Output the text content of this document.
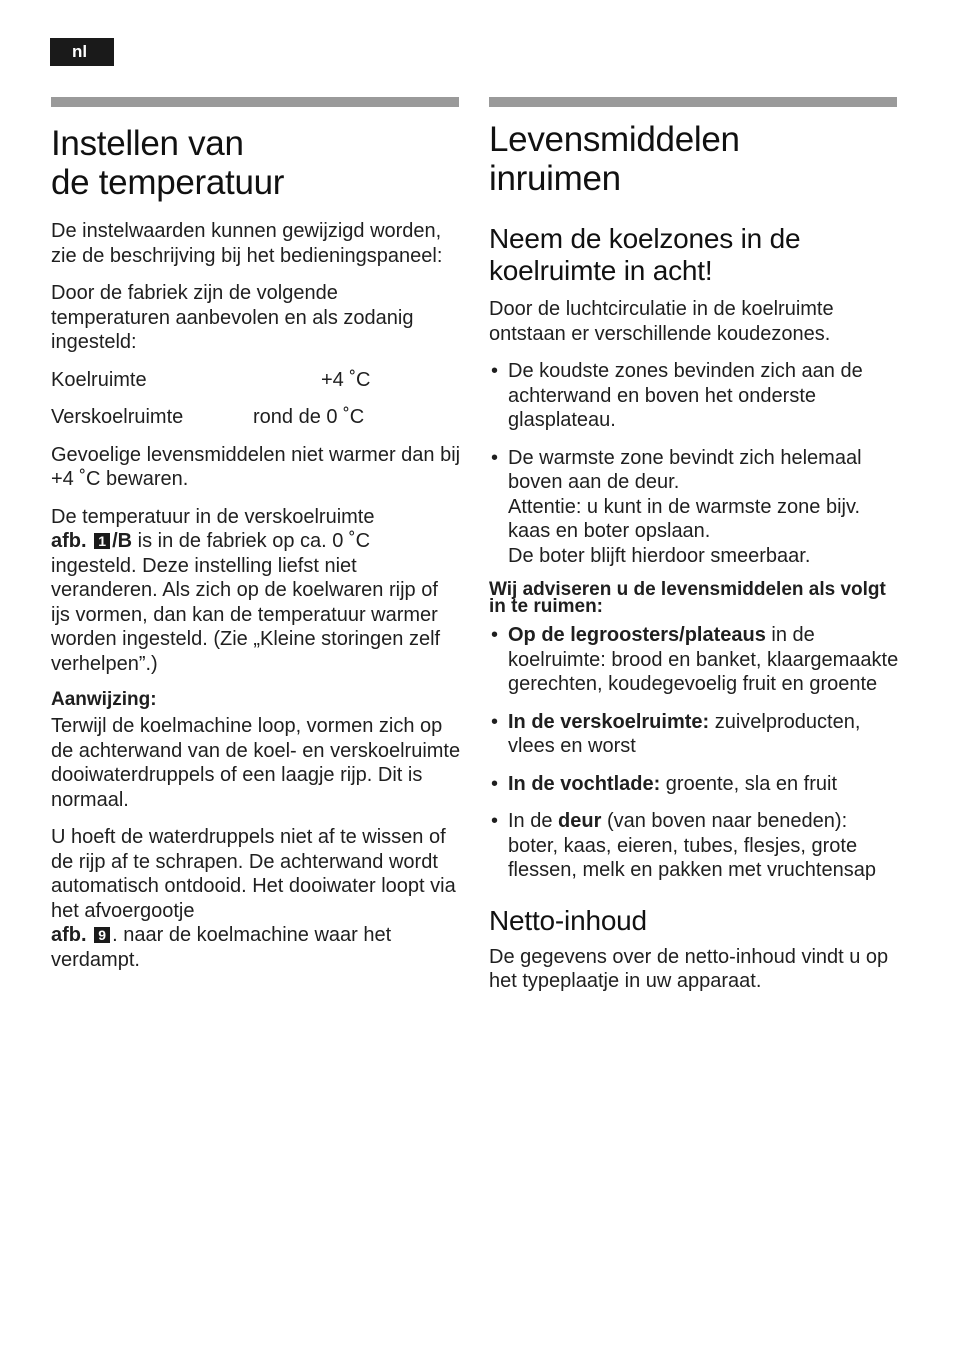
nl
Instellen van
de temperatuur

De instelwaarden kunnen gewijzigd worden, zie de beschrijving bij het bedieningspaneel:

Door de fabriek zijn de volgende temperaturen aanbevolen en als zodanig ingesteld:

Koelruimte	+4 ˚C
Verskoelruimte	rond de 0 ˚C

Gevoelige levensmiddelen niet warmer dan bij +4 ˚C bewaren.

De temperatuur in de verskoelruimte
afb. 1 /B is in de fabriek op ca. 0 ˚C ingesteld. Deze instelling liefst niet veranderen. Als zich op de koelwaren rijp of ijs vormen, dan kan de temperatuur warmer worden ingesteld. (Zie „Kleine storingen zelf verhelpen”.)

Aanwijzing:

Terwijl de koelmachine loop, vormen zich op de achterwand van de koel- en verskoelruimte dooiwaterdruppels of een laagje rijp. Dit is normaal.

U hoeft de waterdruppels niet af te wissen of de rijp af te schrapen. De achterwand wordt automatisch ontdooid. Het dooiwater loopt via het afvoergootje
afb. 9 . naar de koelmachine waar het verdampt.

Levensmiddelen
inruimen
Neem de koelzones in de
koelruimte in acht!

Door de luchtcirculatie in de koelruimte ontstaan er verschillende koudezones.

• De koudste zones bevinden zich aan de achterwand en boven het onderste glasplateau.
• De warmste zone bevindt zich helemaal boven aan de deur.
Attentie: u kunt in de warmste zone bijv. kaas en boter opslaan.
De boter blijft hierdoor smeerbaar.
Wij adviseren u de levensmiddelen als volgt in te ruimen:
• Op de legroosters/plateaus in de koelruimte: brood en banket, klaargemaakte gerechten, koudegevoelig fruit en groente
• In de verskoelruimte: zuivelproducten, vlees en worst
• In de vochtlade: groente, sla en fruit
• In de deur (van boven naar beneden): boter, kaas, eieren, tubes, flesjes, grote flessen, melk en pakken met vruchtensap
Netto-inhoud

De gegevens over de netto-inhoud vindt u op het typeplaatje in uw apparaat.
